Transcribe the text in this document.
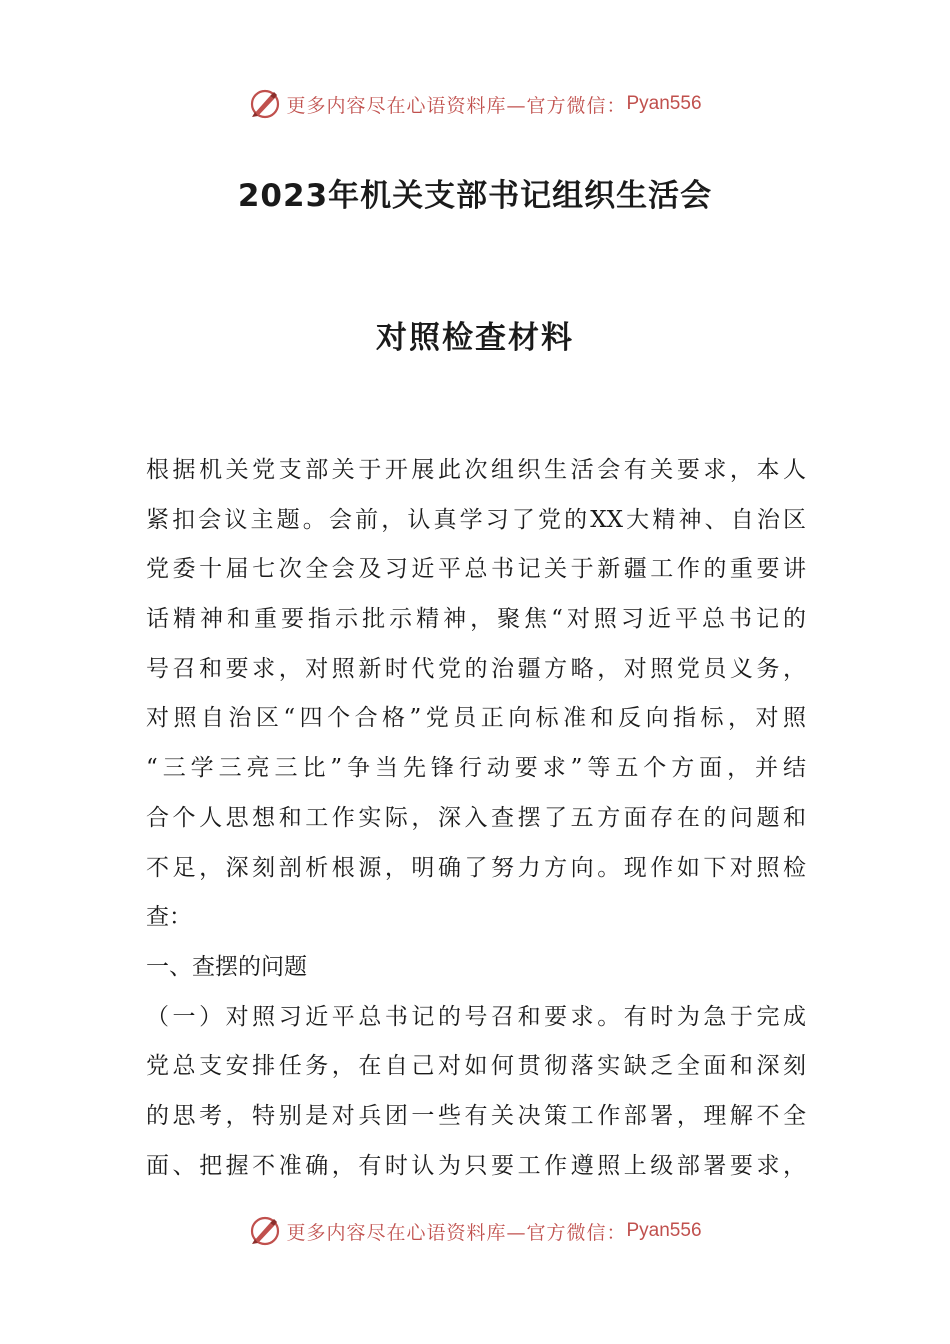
更多内容尽在心语资料库—官方微信： Pyan556
2023年机关支部书记组织生活会
对照检查材料
根据机关党支部关于开展此次组织生活会有关要求，本人
紧扣会议主题。会前，认真学习了党的XX大精神、自治区
党委十届七次全会及习近平总书记关于新疆工作的重要讲
话精神和重要指示批示精神，聚焦“对照习近平总书记的
号召和要求，对照新时代党的治疆方略，对照党员义务，
对照自治区“四个合格”党员正向标准和反向指标，对照
“三学三亮三比”争当先锋行动要求”等五个方面，并结
合个人思想和工作实际，深入查摆了五方面存在的问题和
不足，深刻剖析根源，明确了努力方向。现作如下对照检
查：
一、查摆的问题
（一）对照习近平总书记的号召和要求。有时为急于完成
党总支安排任务，在自己对如何贯彻落实缺乏全面和深刻
的思考，特别是对兵团一些有关决策工作部署，理解不全
面、把握不准确，有时认为只要工作遵照上级部署要求，
更多内容尽在心语资料库—官方微信： Pyan556
